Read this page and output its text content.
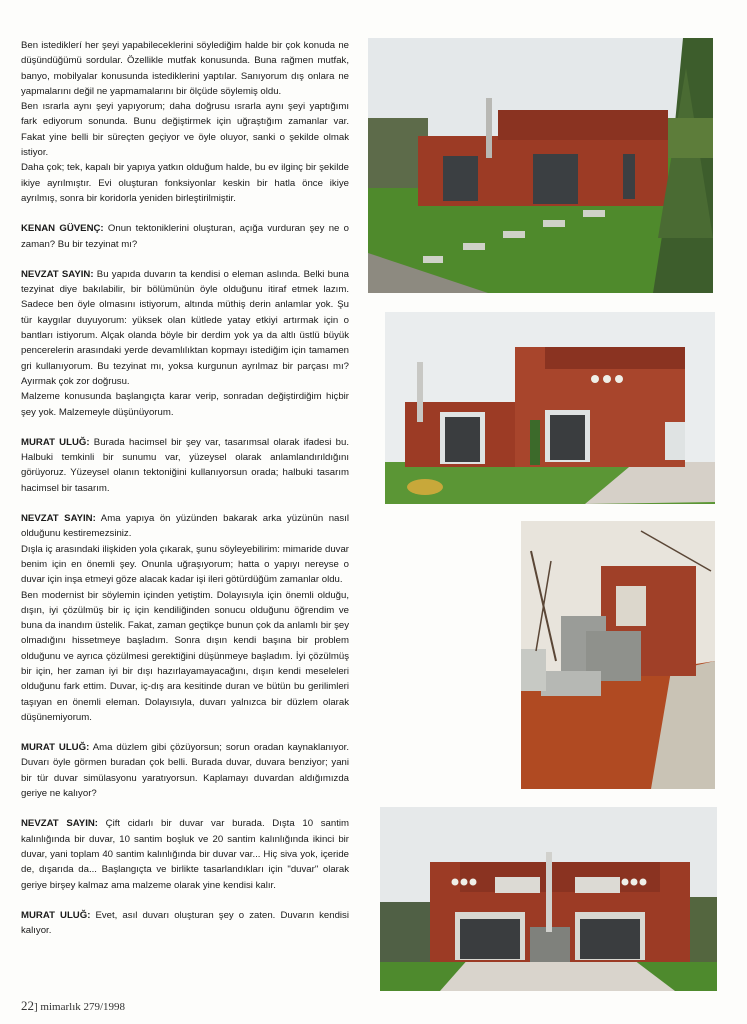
Ben istediklerí her şeyi yapabileceklerini söylediğim halde bir çok konuda ne düşündüğümü sordular. Özellikle mutfak konusunda. Buna rağmen mutfak, banyo, mobilyalar konusunda istediklerini yaptılar. Sanıyorum dış onlara ne yapmalarını değil ne yapmamalarını bir ölçüde söylemiş oldu.

Ben ısrarla aynı şeyi yapıyorum; daha doğrusu ısrarla aynı şeyi yaptığımı fark ediyorum sonunda. Bunu değiştirmek için uğraştığım zamanlar var. Fakat yine belli bir süreçten geçiyor ve öyle oluyor, sanki o şekilde olmak istiyor.

Daha çok; tek, kapalı bir yapıya yatkın olduğum halde, bu ev ilginç bir şekilde ikiye ayrılmıştır. Evi oluşturan fonksiyonlar keskin bir hatla önce ikiye ayrılmış, sonra bir koridorla yeniden birleştirilmiştir.

KENAN GÜVENÇ: Onun tektoniklerini oluşturan, açığa vurduran şey ne o zaman? Bu bir tezyinat mı?

NEVZAT SAYIN: Bu yapıda duvarın ta kendisi o eleman aslında. Belki buna tezyinat diye bakılabilir, bir bölümünün öyle olduğunu itiraf etmek lazım. Sadece ben öyle olmasını istiyorum, altında müthiş derin anlamlar yok. Şu tür kaygılar duyuyorum: yüksek olan kütlede yatay etkiyi artırmak için o bantları istiyorum. Alçak olanda böyle bir derdim yok ya da altlı üstlü büyük pencerelerin arasındaki yerde devamlılıktan kopmayı istediğim için tamamen gri kullanıyorum. Bu tezyinat mı, yoksa kurgunun ayrılmaz bir parçası mı? Ayırmak çok zor doğrusu.

Malzeme konusunda başlangıçta karar verip, sonradan değiştirdiğim hiçbir şey yok. Malzemeyle düşünüyorum.

MURAT ULUĞ: Burada hacimsel bir şey var, tasarımsal olarak ifadesi bu. Halbuki temkinli bir sunumu var, yüzeysel olarak anlamlandırıldığını görüyoruz. Yüzeysel olanın tektoniğini kullanıyorsun orada; halbuki tasarım hacimsel bir tasarım.

NEVZAT SAYIN: Ama yapıya ön yüzünden bakarak arka yüzünün nasıl olduğunu kestiremezsiniz.

Dışla iç arasındaki ilişkiden yola çıkarak, şunu söyleyebilirim: mimaride duvar benim için en önemli şey. Onunla uğraşıyorum; hatta o yapıyı nereyse o duvar için inşa etmeyi göze alacak kadar işi ileri götürdüğüm zamanlar oldu.

Ben modernist bir söylemin içinden yetiştim. Dolayısıyla için önemli olduğu, dışın, iyi çözülmüş bir iç için kendiliğinden sonucu olduğunu öğrendim ve buna da inandım üstelik. Fakat, zaman geçtikçe bunun çok da anlamlı bir şey olmadığını hissetmeye başladım. Sonra dışın kendi başına bir problem olduğunu ve ayrıca çözülmesi gerektiğini düşünmeye başladım. İyi çözülmüş bir için, her zaman iyi bir dışı hazırlayamayacağını, dışın kendi meseleleri olduğunu fark ettim. Duvar, iç-dış ara kesitinde duran ve bütün bu gerilimleri taşıyan en önemli eleman. Dolayısıyla, duvarı yalnızca bir düzlem olarak düşünemiyorum.

MURAT ULUĞ: Ama düzlem gibi çözüyorsun; sorun oradan kaynaklanıyor. Duvarı öyle görmen buradan çok belli. Burada duvar, duvara benziyor; yani bir tür duvar simülasyonu yaratıyorsun. Kaplamayı duvardan aldığımızda geriye ne kalıyor?

NEVZAT SAYIN: Çift cidarlı bir duvar var burada. Dışta 10 santim kalınlığında bir duvar, 10 santim boşluk ve 20 santim kalınlığında ikinci bir duvar, yani toplam 40 santim kalınlığında bir duvar var... Hiç siva yok, içeride de, dışarıda da... Başlangıçta ve birlikte tasarlandıkları için "duvar" olarak geriye birşey kalmaz ama malzeme olarak yine kendisi kalır.

MURAT ULUĞ: Evet, asıl duvarı oluşturan şey o zaten. Duvarın kendisi kalıyor.

22] mimarlık 279/1998
